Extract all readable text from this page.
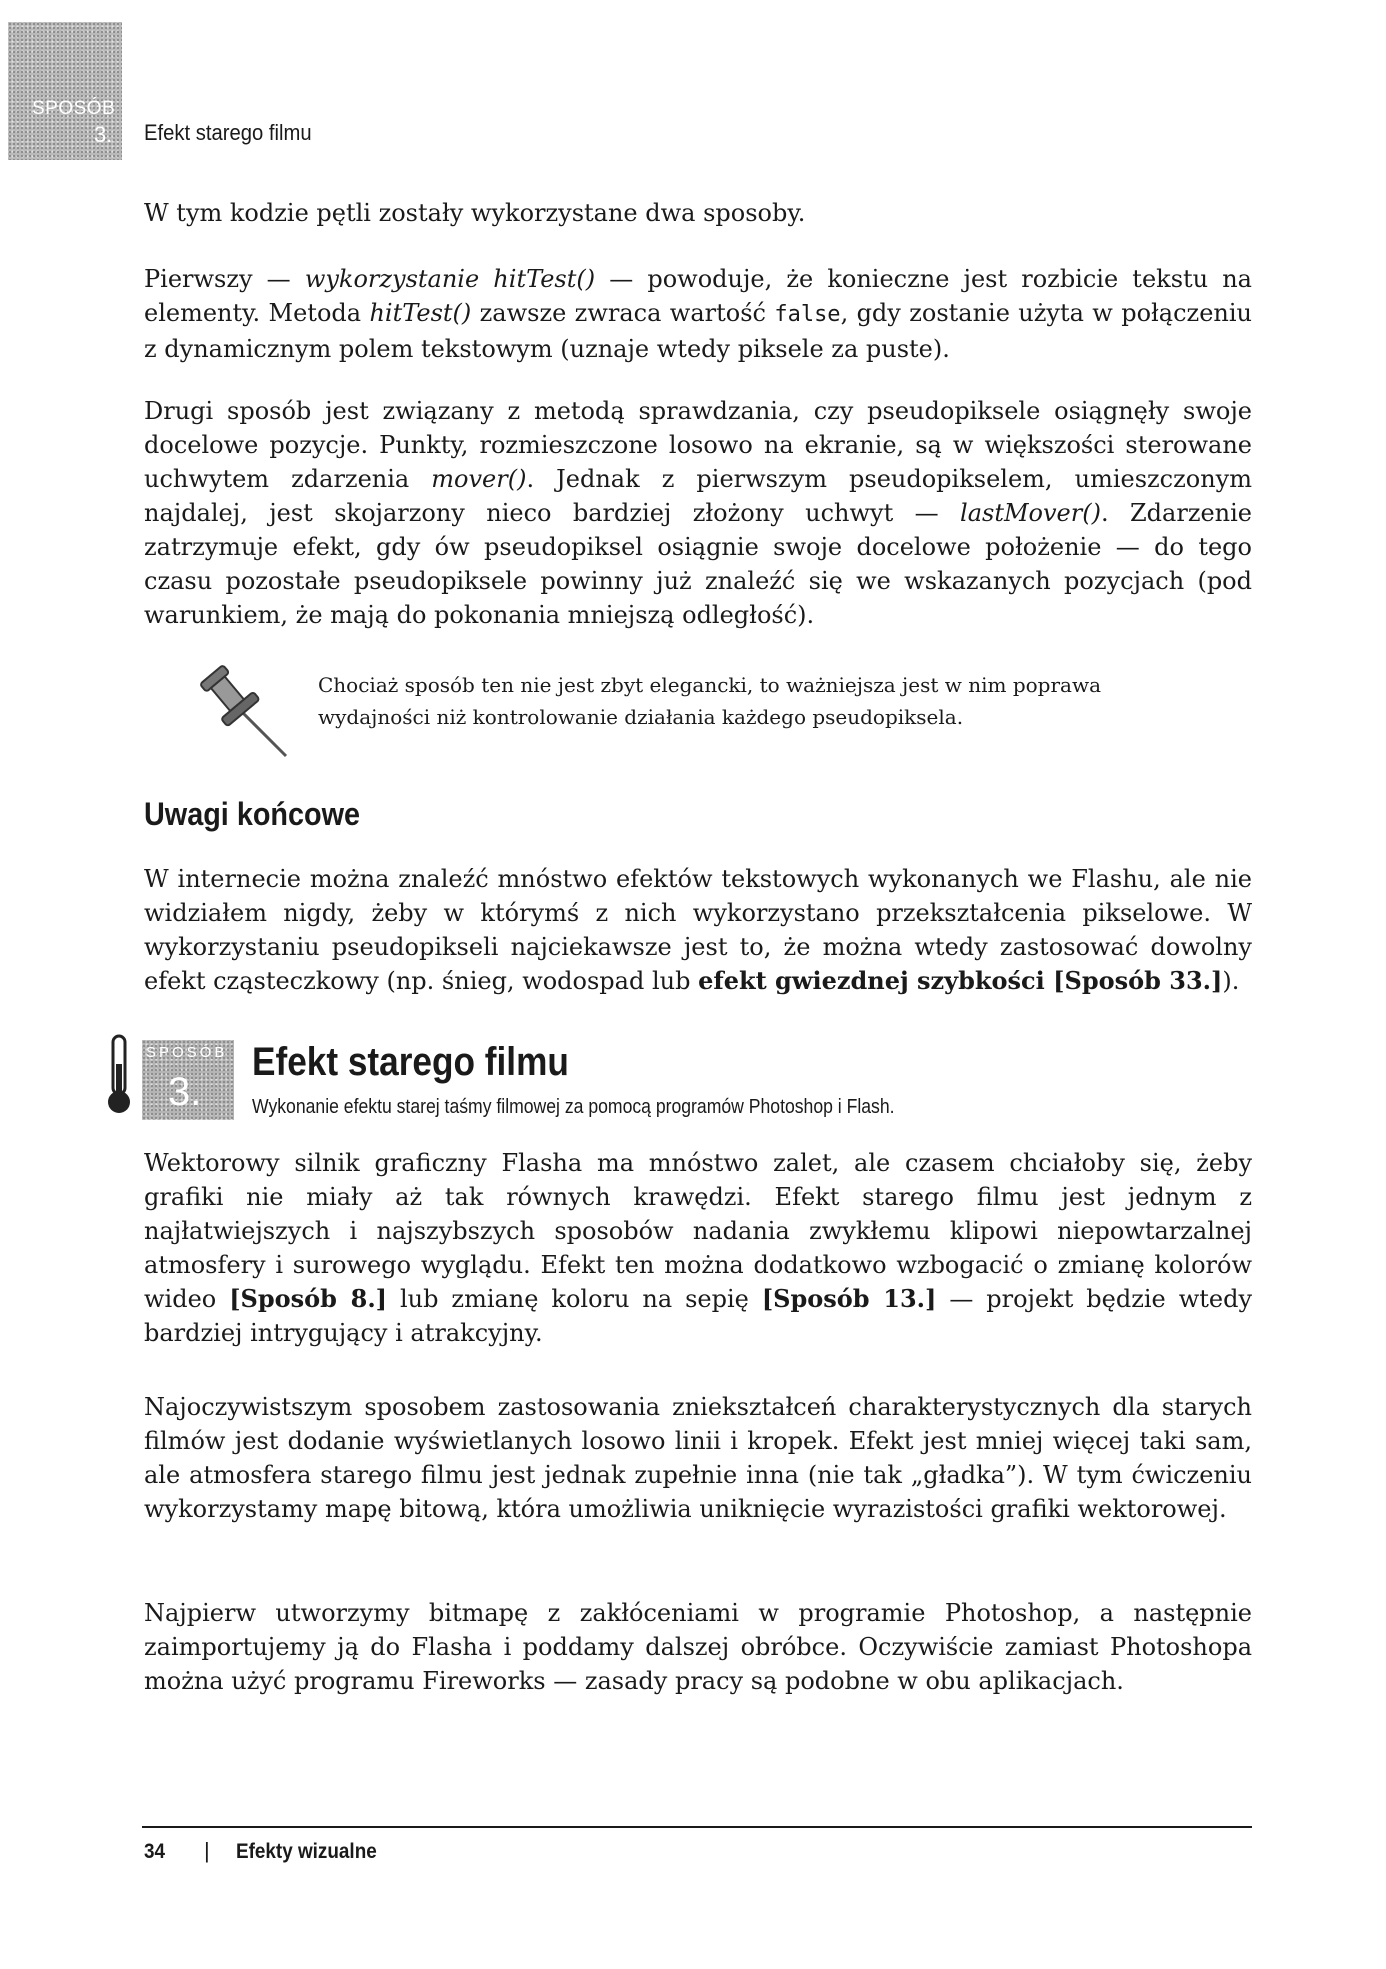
SPOSÓB
3. Efekt starego filmu

W tym kodzie pętli zostały wykorzystane dwa sposoby.

Pierwszy — wykorzystanie hitTest() — powoduje, że konieczne jest rozbicie tekstu na elementy. Metoda hitTest() zawsze zwraca wartość false, gdy zostanie użyta w połączeniu z dynamicznym polem tekstowym (uznaje wtedy piksele za puste).

Drugi sposób jest związany z metodą sprawdzania, czy pseudopiksele osiągnęły swoje docelowe pozycje. Punkty, rozmieszczone losowo na ekranie, są w większości sterowane uchwytem zdarzenia mover(). Jednak z pierwszym pseudopikselem, umieszczonym najdalej, jest skojarzony nieco bardziej złożony uchwyt — lastMover(). Zdarzenie zatrzymuje efekt, gdy ów pseudopiksel osiągnie swoje docelowe położenie — do tego czasu pozostałe pseudopiksele powinny już znaleźć się we wskazanych pozycjach (pod warunkiem, że mają do pokonania mniejszą odległość).

Chociaż sposób ten nie jest zbyt elegancki, to ważniejsza jest w nim poprawa wydajności niż kontrolowanie działania każdego pseudopiksela.

Uwagi końcowe

W internecie można znaleźć mnóstwo efektów tekstowych wykonanych we Flashu, ale nie widziałem nigdy, żeby w którymś z nich wykorzystano przekształcenia pikselowe. W wykorzystaniu pseudopikseli najciekawsze jest to, że można wtedy zastosować dowolny efekt cząsteczkowy (np. śnieg, wodospad lub efekt gwiezdnej szybkości [Sposób 33.]).

SPOSÓB
3.
Efekt starego filmu

Wykonanie efektu starej taśmy filmowej za pomocą programów Photoshop i Flash.

Wektorowy silnik graficzny Flasha ma mnóstwo zalet, ale czasem chciałoby się, żeby grafiki nie miały aż tak równych krawędzi. Efekt starego filmu jest jednym z najłatwiejszych i najszybszych sposobów nadania zwykłemu klipowi niepowtarzalnej atmosfery i surowego wyglądu. Efekt ten można dodatkowo wzbogacić o zmianę kolorów wideo [Sposób 8.] lub zmianę koloru na sepię [Sposób 13.] — projekt będzie wtedy bardziej intrygujący i atrakcyjny.

Najoczywistszym sposobem zastosowania zniekształceń charakterystycznych dla starych filmów jest dodanie wyświetlanych losowo linii i kropek. Efekt jest mniej więcej taki sam, ale atmosfera starego filmu jest jednak zupełnie inna (nie tak „gładka”). W tym ćwiczeniu wykorzystamy mapę bitową, która umożliwia uniknięcie wyrazistości grafiki wektorowej.

Najpierw utworzymy bitmapę z zakłóceniami w programie Photoshop, a następnie zaimportujemy ją do Flasha i poddamy dalszej obróbce. Oczywiście zamiast Photoshopa można użyć programu Fireworks — zasady pracy są podobne w obu aplikacjach.

34 | Efekty wizualne
